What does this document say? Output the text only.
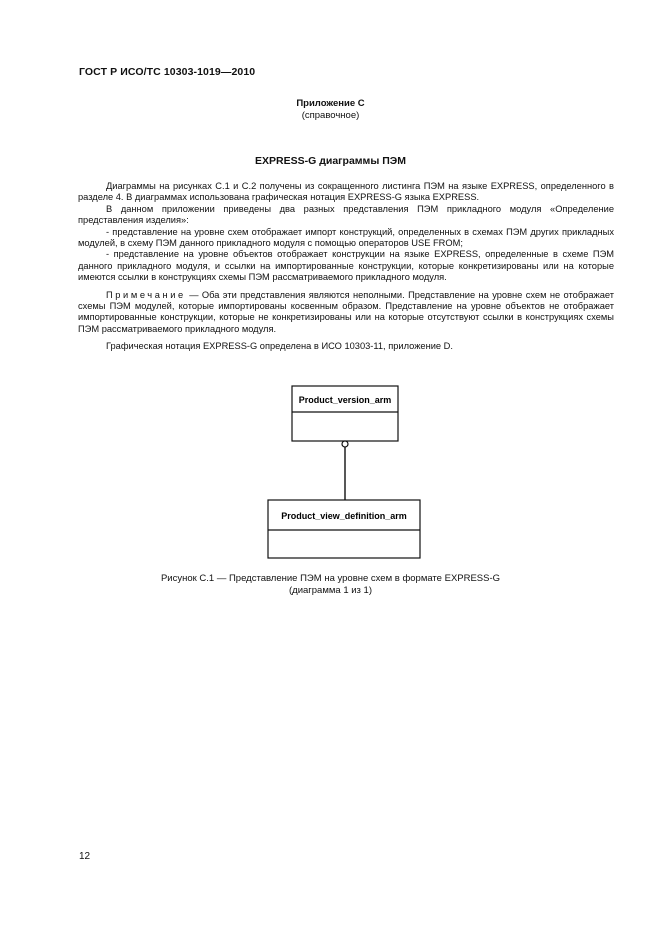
ГОСТ Р ИСО/ТС 10303-1019—2010
Приложение С
(справочное)
EXPRESS-G диаграммы ПЭМ

Диаграммы на рисунках С.1 и С.2 получены из сокращенного листинга ПЭМ на языке EXPRESS, определенного в разделе 4. В диаграммах использована графическая нотация EXPRESS-G языка EXPRESS.

В данном приложении приведены два разных представления ПЭМ прикладного модуля «Определение представления изделия»:

- представление на уровне схем отображает импорт конструкций, определенных в схемах ПЭМ других прикладных модулей, в схему ПЭМ данного прикладного модуля с помощью операторов USE FROM;

- представление на уровне объектов отображает конструкции на языке EXPRESS, определенные в схеме ПЭМ данного прикладного модуля, и ссылки на импортированные конструкции, которые конкретизированы или на которые имеются ссылки в конструкциях схемы ПЭМ рассматриваемого прикладного модуля.

Примечание — Оба эти представления являются неполными. Представление на уровне схем не отображает схемы ПЭМ модулей, которые импортированы косвенным образом. Представление на уровне объектов не отображает импортированные конструкции, которые не конкретизированы или на которые отсутствуют ссылки в конструкциях схемы ПЭМ рассматриваемого прикладного модуля.

Графическая нотация EXPRESS-G определена в ИСО 10303-11, приложение D.

Product_version_arm
Product_view_definition_arm
Рисунок С.1 — Представление ПЭМ на уровне схем в формате EXPRESS-G
(диаграмма 1 из 1)
12
